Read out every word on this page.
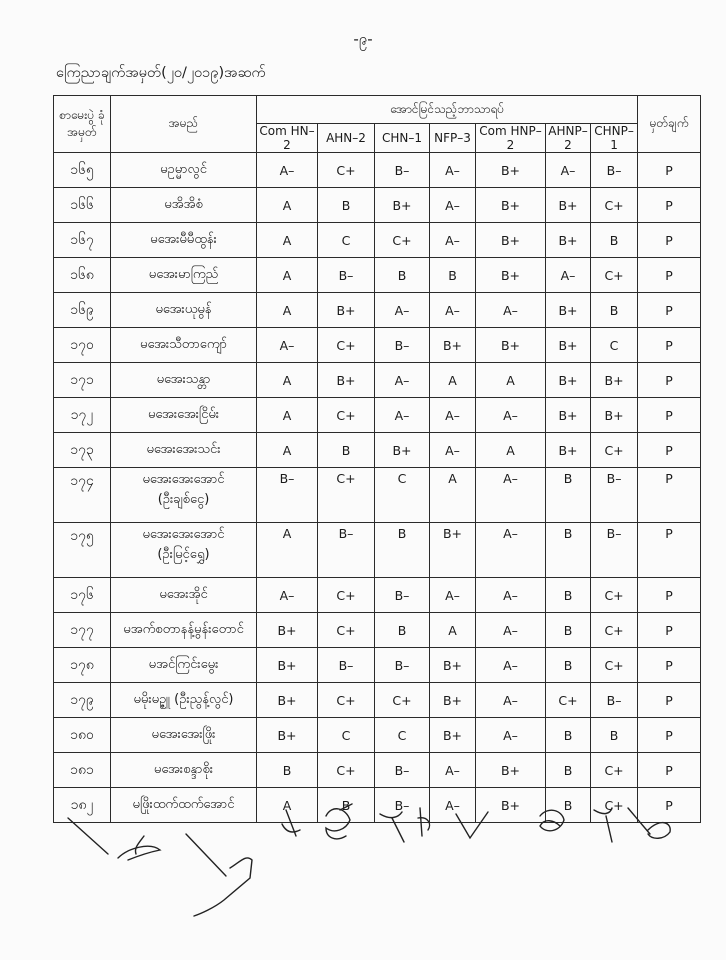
-၉-
ကြေညာချက်အမှတ်(၂၀/၂၀၁၉)အဆက်
စာမေးပွဲ ခုံအမှတ်	အမည်	အောင်မြင်သည့်ဘာသာရပ်							မှတ်ချက်
		Com HN–2	AHN–2	CHN–1	NFP–3	Com HNP–2	AHNP–2	CHNP–1	
၁၆၅	မဥမ္မာလွင်	A–	C+	B–	A–	B+	A–	B–	P
၁၆၆	မအိအိစံ	A	B	B+	A–	B+	B+	C+	P
၁၆၇	မအေးမီမီထွန်း	A	C	C+	A–	B+	B+	B	P
၁၆၈	မအေးမာကြည်	A	B–	B	B	B+	A–	C+	P
၁၆၉	မအေးယုမွန်	A	B+	A–	A–	A–	B+	B	P
၁၇၀	မအေးသီတာကျော်	A–	C+	B–	B+	B+	B+	C	P
၁၇၁	မအေးသန္တာ	A	B+	A–	A	A	B+	B+	P
၁၇၂	မအေးအေးငြိမ်း	A	C+	A–	A–	A–	B+	B+	P
၁၇၃	မအေးအေးသင်း	A	B	B+	A–	A	B+	C+	P
၁၇၄	မအေးအေးအောင်
(ဦးချစ်ငွေ)	B–	C+	C	A	A–	B	B–	P
၁၇၅	မအေးအေးအောင်
(ဦးမြင့်ရွှေ)	A	B–	B	B+	A–	B	B–	P
၁၇၆	မအေးအိုင်	A–	C+	B–	A–	A–	B	C+	P
၁၇၇	မအက်စတာနန့်မွန်းတောင်	B+	C+	B	A	A–	B	C+	P
၁၇၈	မအင်ကြင်းမွေး	B+	B–	B–	B+	A–	B	C+	P
၁၇၉	မမိုးမဥ္ဇူ (ဦးညွန့်လွင်)	B+	C+	C+	B+	A–	C+	B–	P
၁၈၀	မအေးအေးဖြိုး	B+	C	C	B+	A–	B	B	P
၁၈၁	မအေးစန္ဒာစိုး	B	C+	B–	A–	B+	B	C+	P
၁၈၂	မဖြိုးထက်ထက်အောင်	A	B	B–	A–	B+	B	C+	P
